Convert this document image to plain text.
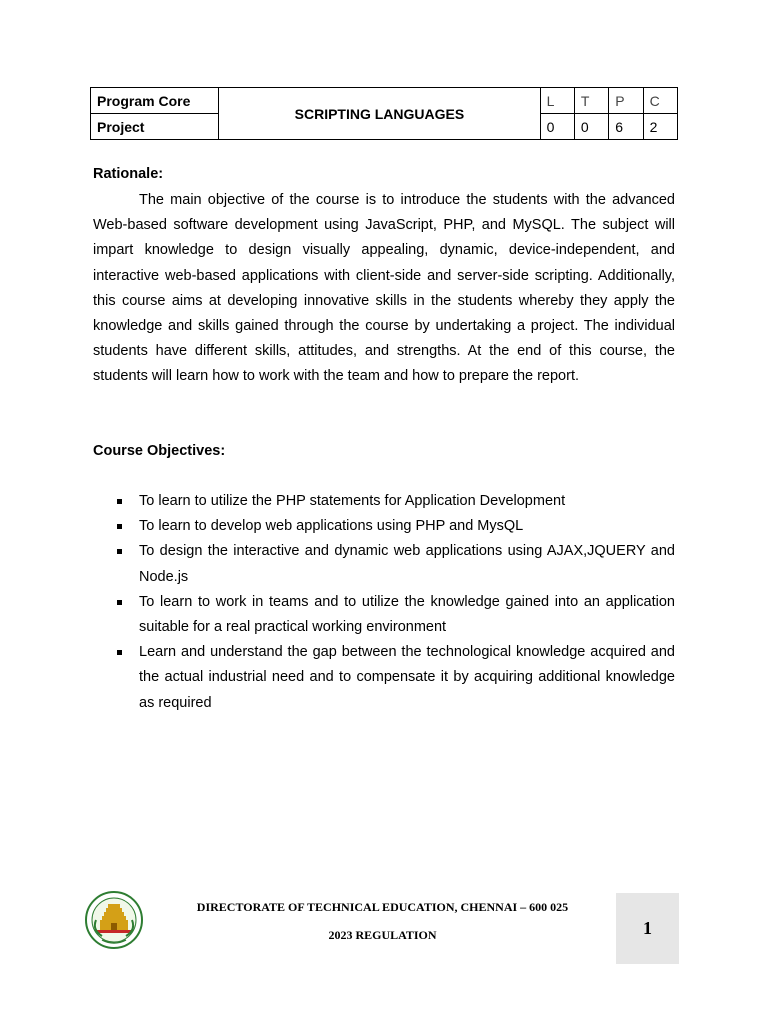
Program Core	SCRIPTING LANGUAGES	L	T	P	C
Project		0	0	6	2
Rationale:

The main objective of the course is to introduce the students with the advanced Web-based software development using JavaScript, PHP, and MySQL. The subject will impart knowledge to design visually appealing, dynamic, device-independent, and interactive web-based applications with client-side and server-side scripting. Additionally, this course aims at developing innovative skills in the students whereby they apply the knowledge and skills gained through the course by undertaking a project. The individual students have different skills, attitudes, and strengths. At the end of this course, the students will learn how to work with the team and how to prepare the report.

Course Objectives:
To learn to utilize the PHP statements for Application Development
To learn to develop web applications using PHP and MysQL
To design the interactive and dynamic web applications using AJAX,JQUERY and Node.js
To learn to work in teams and to utilize the knowledge gained into an application suitable for a real practical working environment
Learn and understand the gap between the technological knowledge acquired and the actual industrial need and to compensate it by acquiring additional knowledge as required
DIRECTORATE OF TECHNICAL EDUCATION, CHENNAI – 600 025
2023 REGULATION	1
